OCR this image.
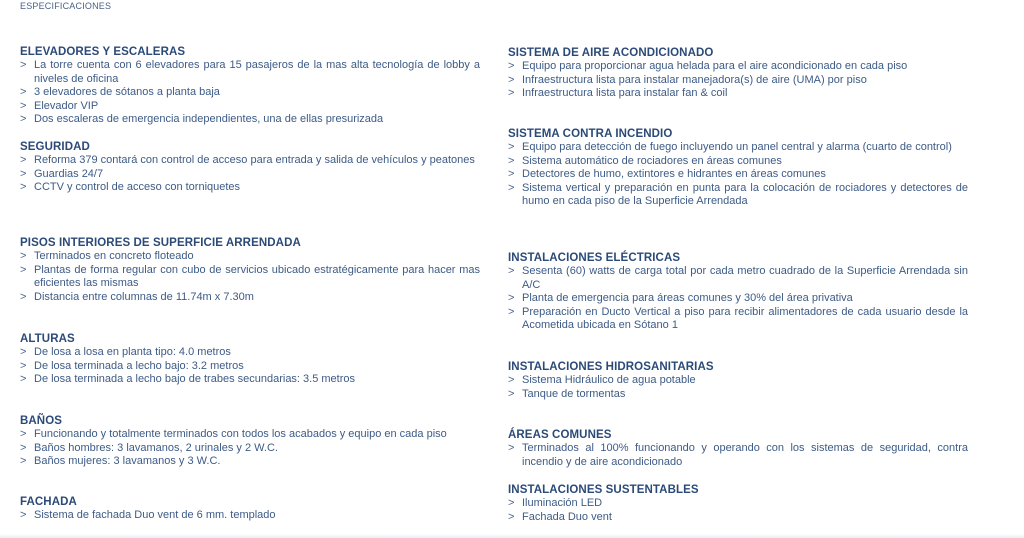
ESPECIFICACIONES
ELEVADORES Y ESCALERAS
> La torre cuenta con 6 elevadores para 15 pasajeros de la mas alta tecnología de lobby a niveles de oficina
> 3 elevadores de sótanos a planta baja
> Elevador VIP
> Dos escaleras de emergencia independientes, una de ellas presurizada
SEGURIDAD
> Reforma 379 contará con control de acceso para entrada y salida de vehículos y peatones
> Guardias 24/7
> CCTV y control de acceso con torniquetes
PISOS INTERIORES DE SUPERFICIE ARRENDADA
> Terminados en concreto floteado
> Plantas de forma regular con cubo de servicios ubicado estratégicamente para hacer mas eficientes las mismas
> Distancia entre columnas de 11.74m x 7.30m
ALTURAS
> De losa a losa en planta tipo: 4.0 metros
> De losa terminada a lecho bajo: 3.2 metros
> De losa terminada a lecho bajo de trabes secundarias: 3.5 metros
BAÑOS
> Funcionando y totalmente terminados con todos los acabados y equipo en cada piso
> Baños hombres: 3 lavamanos, 2 urinales y 2 W.C.
> Baños mujeres: 3 lavamanos y 3 W.C.
FACHADA
> Sistema de fachada Duo vent de 6 mm. templado
SISTEMA DE AIRE ACONDICIONADO
> Equipo para proporcionar agua helada para el aire acondicionado en cada piso
> Infraestructura lista para instalar manejadora(s) de aire (UMA) por piso
> Infraestructura lista para instalar fan & coil
SISTEMA CONTRA INCENDIO
> Equipo para detección de fuego incluyendo un panel central y alarma (cuarto de control)
> Sistema automático de rociadores en áreas comunes
> Detectores de humo, extintores e hidrantes en áreas comunes
> Sistema vertical y preparación en punta para la colocación de rociadores y detectores de humo en cada piso de la Superficie Arrendada
INSTALACIONES ELÉCTRICAS
> Sesenta (60) watts de carga total por cada metro cuadrado de la Superficie Arrendada sin A/C
> Planta de emergencia para áreas comunes y 30% del área privativa
> Preparación en Ducto Vertical a piso para recibir alimentadores de cada usuario desde la Acometida ubicada en Sótano 1
INSTALACIONES HIDROSANITARIAS
> Sistema Hidráulico de agua potable
> Tanque de tormentas
ÁREAS COMUNES
> Terminados al 100% funcionando y operando con los sistemas de seguridad, contra incendio y de aire acondicionado
INSTALACIONES SUSTENTABLES
> Iluminación LED
> Fachada Duo vent
